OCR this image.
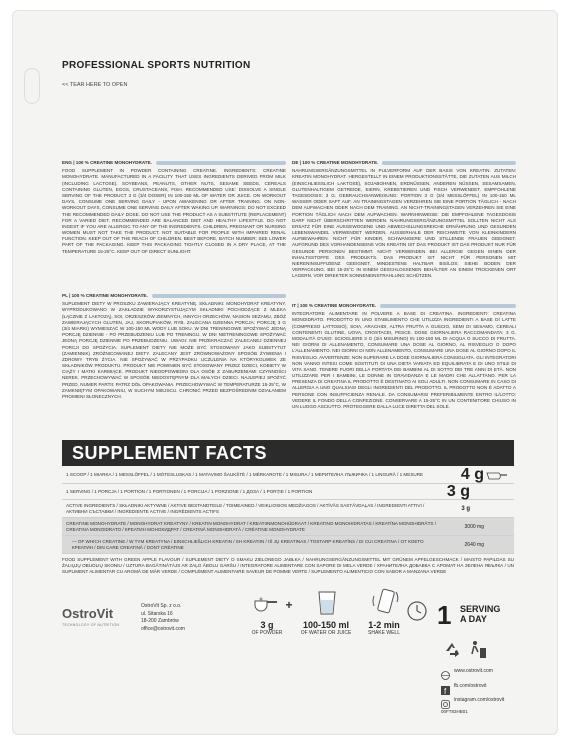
PROFESSIONAL SPORTS NUTRITION
<< TEAR HERE TO OPEN
ENG | 100 % CREATINE MONOHYDRATE.
FOOD SUPPLEMENT IN POWDER CONTAINING CREATINE. INGREDIENTS: CREATINE MONOHYDRATE. MANUFACTURED IN A FACILITY THAT USES INGREDIENTS DERIVED FROM MILK (INCLUDING LACTOSE), SOYBEANS, PEANUTS, OTHER NUTS, SESAME SEEDS, CEREALS CONTAINING GLUTEN, EGGS, CRUSTACEANS, FISH. RECOMMENDED USE: DISSOLVE A SINGLE SERVING OF THE PRODUCT 3 G (3/4 DOSER) IN 100-150 ML OF WATER OR JUICE. ON WORKOUT DAYS, CONSUME ONE SERVING DAILY - UPON AWAKENING OR AFTER TRAINING. ON NON-WORKOUT DAYS, CONSUME ONE SERVING DAILY AFTER WAKING UP. WARNINGS: DO NOT EXCEED THE RECOMMENDED DAILY DOSE. DO NOT USE THE PRODUCT AS A SUBSTITUTE (REPLACEMENT) FOR A VARIED DIET. RECOMMENDED ARE BALANCED DIET AND HEALTHY LIFESTYLE. DO NOT INGEST IF YOU ARE ALLERGIC TO ANY OF THE INGREDIENTS. CHILDREN, PREGNANT OR NURSING WOMEN MUST NOT TAKE THE PRODUCT. NOT SUITABLE FOR PEOPLE WITH IMPAIRED RENAL FUNCTION. KEEP OUT OF THE REACH OF CHILDREN. BEST BEFORE, BATCH NUMBER: SEE LOWER PART OF THE PACKAGING. KEEP THIS PACKAGING TIGHTLY CLOSED IN A DRY PLACE, AT THE TEMPERATURE 15-25°C. KEEP OUT OF DIRECT SUNLIGHT.
DE | 100 % CREATINE MONOHYDRATE.
NAHRUNGSERGÄNZUNGSMITTEL IN PULVERFORM AUF DER BASIS VON KREATIN. ZUTATEN: KREATIN MONOHYDRAT. HERGESTELLT IN EINEM PRODUKTIONSSTÄTTE, DIE ZUTATEN AUS MILCH (EINSCHLIESSLICH LAKTOSE), SOJABOHNEN, ERDNÜSSEN, ANDEREN NÜSSEN, SESAMSAMEN, GLUTENHALTIGEM GETREIDE, EIERN, KREBSTIEREN UND FISCH VERWENDET. EMPFOHLENE TAGESDOSIS: 3 G. GEBRAUCHSANWEISUNG: PORTION 3 G (3/4 MESSLÖFFEL) IN 100-150 ML WASSER ODER SAFT AUF. AN TRAININGSTAGEN VERZEHREN SIE EINE PORTION TÄGLICH - NACH DEM AUFWACHEN ODER NACH DEM TRAINING. AN NICHT-TRAININGSTAGEN VERZEHREN SIE EINE PORTION TÄGLICH NACH DEM AUFWACHEN. WARNHINWEISE: DIE EMPFOHLENE TAGESDOSIS DARF NICHT ÜBERSCHRITTEN WERDEN. NAHRUNGSERGÄNZUNGSMITTEL SOLLTEN NICHT ALS ERSATZ FÜR EINE AUSGEWOGENE UND ABWECHSLUNGSREICHE ERNÄHRUNG UND GESUNDEN LEBENSWANDEL VERWENDET WERDEN. AUSSERHALB DER REICHWEITE VON KLEINKINDERN AUFBEWAHREN. NICHT FÜR KINDER, SCHWANGERE UND STILLENDE FRAUEN GEEIGNET. AUFGRUND DES VORHANDENSEINS VON KREATIN IST DAS PRODUKT IST DAS PRODUKT NUR FÜR GESUNDE PERSONEN BESTIMMT. NICHT VERWENDEN BEI ALLERGIE GEGEN EINEN DER INHALTSSTOFFE DES PRODUKTS. DAS PRODUKT IST NICHT FÜR PERSONEN MIT NIERENINSUFFIZIENZ GEEIGNET. MINDESTENS HALTBAR BIS/LOS: SIEHE BODEN DER VERPACKUNG. BEI 15-25°C IN EINEM GESCHLOSSENEN BEHÄLTER AN EINEM TROCKENEN ORT LAGERN. VOR DIREKTER SONNENEINSTRAHLUNG SCHÜTZEN.
PL | 100 % CREATINE MONOHYDRATE.
SUPLEMENT DIETY W PROSZKU ZAWIERAJĄCY KREATYNĘ. SKŁADNIKI: MONOHYDRAT KREATYNY. WYPRODUKOWANO W ZAKŁADZIE WYKORZYSTUJĄCYM SKŁADNIKI POCHODZĄCE Z MLEKA (ŁĄCZNIE Z LAKTOZĄ), SOI, ORZESZKÓW ZIEMNYCH, INNYCH ORZECHÓW, NASION SEZAMU, ZBÓŻ ZAWIERAJĄCYCH GLUTEN, JAJ, SKORUPIAKÓW, RYB. ZALECANA DZIENNA PORCJA: PORCJĘ 3 G (3/4 MIARKI) WYMIESZAĆ W 100-150 ML WODY LUB SOKU. W DNI TRENINGOWE SPOŻYWAĆ JEDNĄ PORCJĘ DZIENNIE - PO PRZEBUDZENIU LUB PO TRENINGU. W DNI NIETRENINGOWE SPOŻYWAĆ JEDNĄ PORCJĘ DZIENNIE PO PRZEBUDZENIU. UWAGI: NIE PRZEKRACZAĆ ZALECANEJ DZIENNEJ PORCJI DO SPOŻYCIA. SUPLEMENT DIETY NIE MOŻE BYĆ STOSOWANY JAKO SUBSTYTUT (ZAMIENNIK) ZRÓŻNICOWANEJ DIETY. ZALECANY JEST ZRÓWNOWAŻONY SPOSÓB ŻYWIENIA I ZDROWY TRYB ŻYCIA. NIE SPOŻYWAĆ W PRZYPADKU UCZULENIA NA KTÓRYKOLWIEK ZE SKŁADNIKÓW PRODUKTU. PRODUKT NIE POWINIEN BYĆ STOSOWANY PRZEZ DZIECI, KOBIETY W CIĄŻY I MATKI KARMIĄCE. PRODUKT NIEODPOWIEDNI DLA OSÓB Z ZABURZENIAMI CZYNNOŚCI NEREK. PRZECHOWYWAĆ W SPOSÓB NIEDOSTĘPNYM DLA MAŁYCH DZIECI. NAJLEPIEJ SPOŻYĆ PRZED, NUMER PARTII: PATRZ DÓŁ OPAKOWANIA. PRZECHOWYWAĆ W TEMPERATURZE 15-25°C, W ZAMKNIĘTYM OPAKOWANIU, W SUCHYM MIEJSCU. CHRONIĆ PRZED BEZPOŚREDNIM DZIAŁANIEM PROMIENI SŁONECZNYCH.
IT | 100 % CREATINE MONOHYDRATE.
INTEGRATORE ALIMENTARE IN POLVERE A BASE DI CREATINA. INGREDIENTI: CREATINA MONOIDRATO. PRODOTTO IN UNO STABILIMENTO CHE UTILIZZA INGREDIENTI A BASE DI LATTE (COMPRESO LATTOSIO), SOIA, ARACHIDI, ALTRA FRUTTA A GUSCIO, SEMI DI SESAMO, CEREALI CONTENENTI GLUTINE, UOVA, CROSTACEI, PESCE. DOSE GIORNALIERA RACCOMANDATA: 3 G. MODALITÀ D'USO: SCIOGLIERE 3 G (3/4 MISURINO) IN 100-150 ML DI ACQUA O SUCCO DI FRUTTA. NEI GIORNI DI ALLENAMENTO, CONSUMARE UNA DOSE AL GIORNO, AL RISVEGLIO O DOPO L'ALLENAMENTO. NEI GIORNI DI NON ALLENAMENTO, CONSUMARE UNA DOSE AL GIORNO DOPO IL RISVEGLIO. AVVERTENZE: NON SUPERARE LA DOSE GIORNALIERA CONSIGLIATA. GLI INTEGRATORI NON VANNO INTESI COME SOSTITUTI DI UNA DIETA VARIATA ED EQUILIBRATA E DI UNO STILE DI VITA SANO. TENERE FUORI DELLA PORTATA DEI BAMBINI AL DI SOTTO DEI TRE ANNI DI ETÀ. NON UTILIZZARE PER I BAMBINI, LE DONNE IN GRAVIDANZA E LE MADRI CHE ALLATTANO. PER LA PRESENZA DI CREATINA IL PRODOTTO È DESTINATO AI SOLI ADULTI. NON CONSUMARE IN CASO DI ALLERGIA A UNO QUALSIASI DEGLI INGREDIENTI DEL PRODOTTO. IL PRODOTTO NON È ADATTO A PERSONE CON INSUFFICIENZA RENALE. DA CONSUMARSI PREFERIBILMENTE ENTRO IL/LOTTO: VEDERE IL FONDO DELLA CONFEZIONE. CONSERVARE A 15-25°C IN UN CONTENITORE CHIUSO IN UN LUOGO ASCIUTTO. PROTEGGERE DALLA LUCE DIRETTA DEL SOLE.
SUPPLEMENT FACTS
1 SCOOP / 1 MIARKA / 1 MESSLÖFFEL / 1 MÓTESLUSKAS / 1 MATAVIMO ŠAUKŠTĖ / 1 MĒRKAROTE / 1 MISURA / 1 МЕРИТЕЛНА ЛЪЖИЧКА / 1 LINGURĂ / 1 MESURE 4 g
1 SERVING / 1 PORCJA / 1 PORTION / 1 PORTIONEN / 1 PORCIJA / 1 PORZIONE / 1 ДОЗА / 1 PORȚIE / 1 PORTION	3 g
ACTIVE INGREDIENTS / SKŁADNIKI AKTYWNE / AKTIVE BESTANDTEILE / TOIMEAINED / VEIKLIOSIOS MEDŽIAGOS / AKTĪVĀS SASTĀVDAĻAS / INGREDIENTI ATTIVI / АКТИВНИ СЪСТАВКИ / INGREDIENTE ACTIVE / INGRÉDIENTS ACTIFS	3 g
CREATINE MONOHYDRATE / MONOHYDRAT KREATYNY / KREATIN MONOHYDRAT / KREATIINMONOHÜDRAAT / KREATINO MONOHIDRATAS / KREATĪNA MONOHIDRĀTS / CREATINA MONOIDRATO / КРЕАТИН МОНОХИДРАТ / CREATINĂ MONOHIDRATĂ / CRÉATINE MONOHYDRATE	3000 mg
— OF WHICH CREATINE / W TYM KREATYNA / EINSCHLIEßLICH KREATIN / SH KREATIIN / IŠ JŲ KREATINAS / TOSTARP KREATĪNS / DI CUI CREATINA / ОТ КОЕТО КРЕАТИН / DIN CARE CREATINĂ / DONT CRÉATINE	2640 mg
FOOD SUPPLEMENT WITH GREEN APPLE FLAVOUR / SUPLEMENT DIETY O SMAKU ZIELONEGO JABŁKA / NAHRUNGSERGÄNZUNGSMITTEL MIT GRÜNEM APFELGESCHMACK / MAISTO PAPILDAS SU ŽALIŲJŲ OBUOLIŲ SKONIU / UZTURA BAGĀTINĀTĀJS AR ZAĻO ĀBOLU GARŠU / INTEGRATORE ALIMENTARE CON SAPORE DI MELA VERDE / ХРАНИТЕЛНА ДОБАВКА С АРОМАТ НА ЗЕЛЕНА ЯБЪЛКА / UN SUPLIMENT ALIMENTAR CU AROMĂ DE MĂR VERDE / COMPLÉMENT ALIMENTAIRE SAVEUR DE POMME VERTE / SUPLEMENTO ALIMENTICIO CON SABOR A MANZANA VERDE
OstroVit
TECHNOLOGY OF NUTRITION
OstroVit Sp. z o.o.
ul. Sitarska 16
18-200 Zambrów
office@ostrovit.com	3 g
OF POWDER
+
100-150 ml
OF WATER OR JUICE
1-2 min
SHAKE WELL
1 SERVING
A DAY
www.ostrovit.com
f
fb.com/ostrovit
instagram.com/ostrovit
00FT83HB01
